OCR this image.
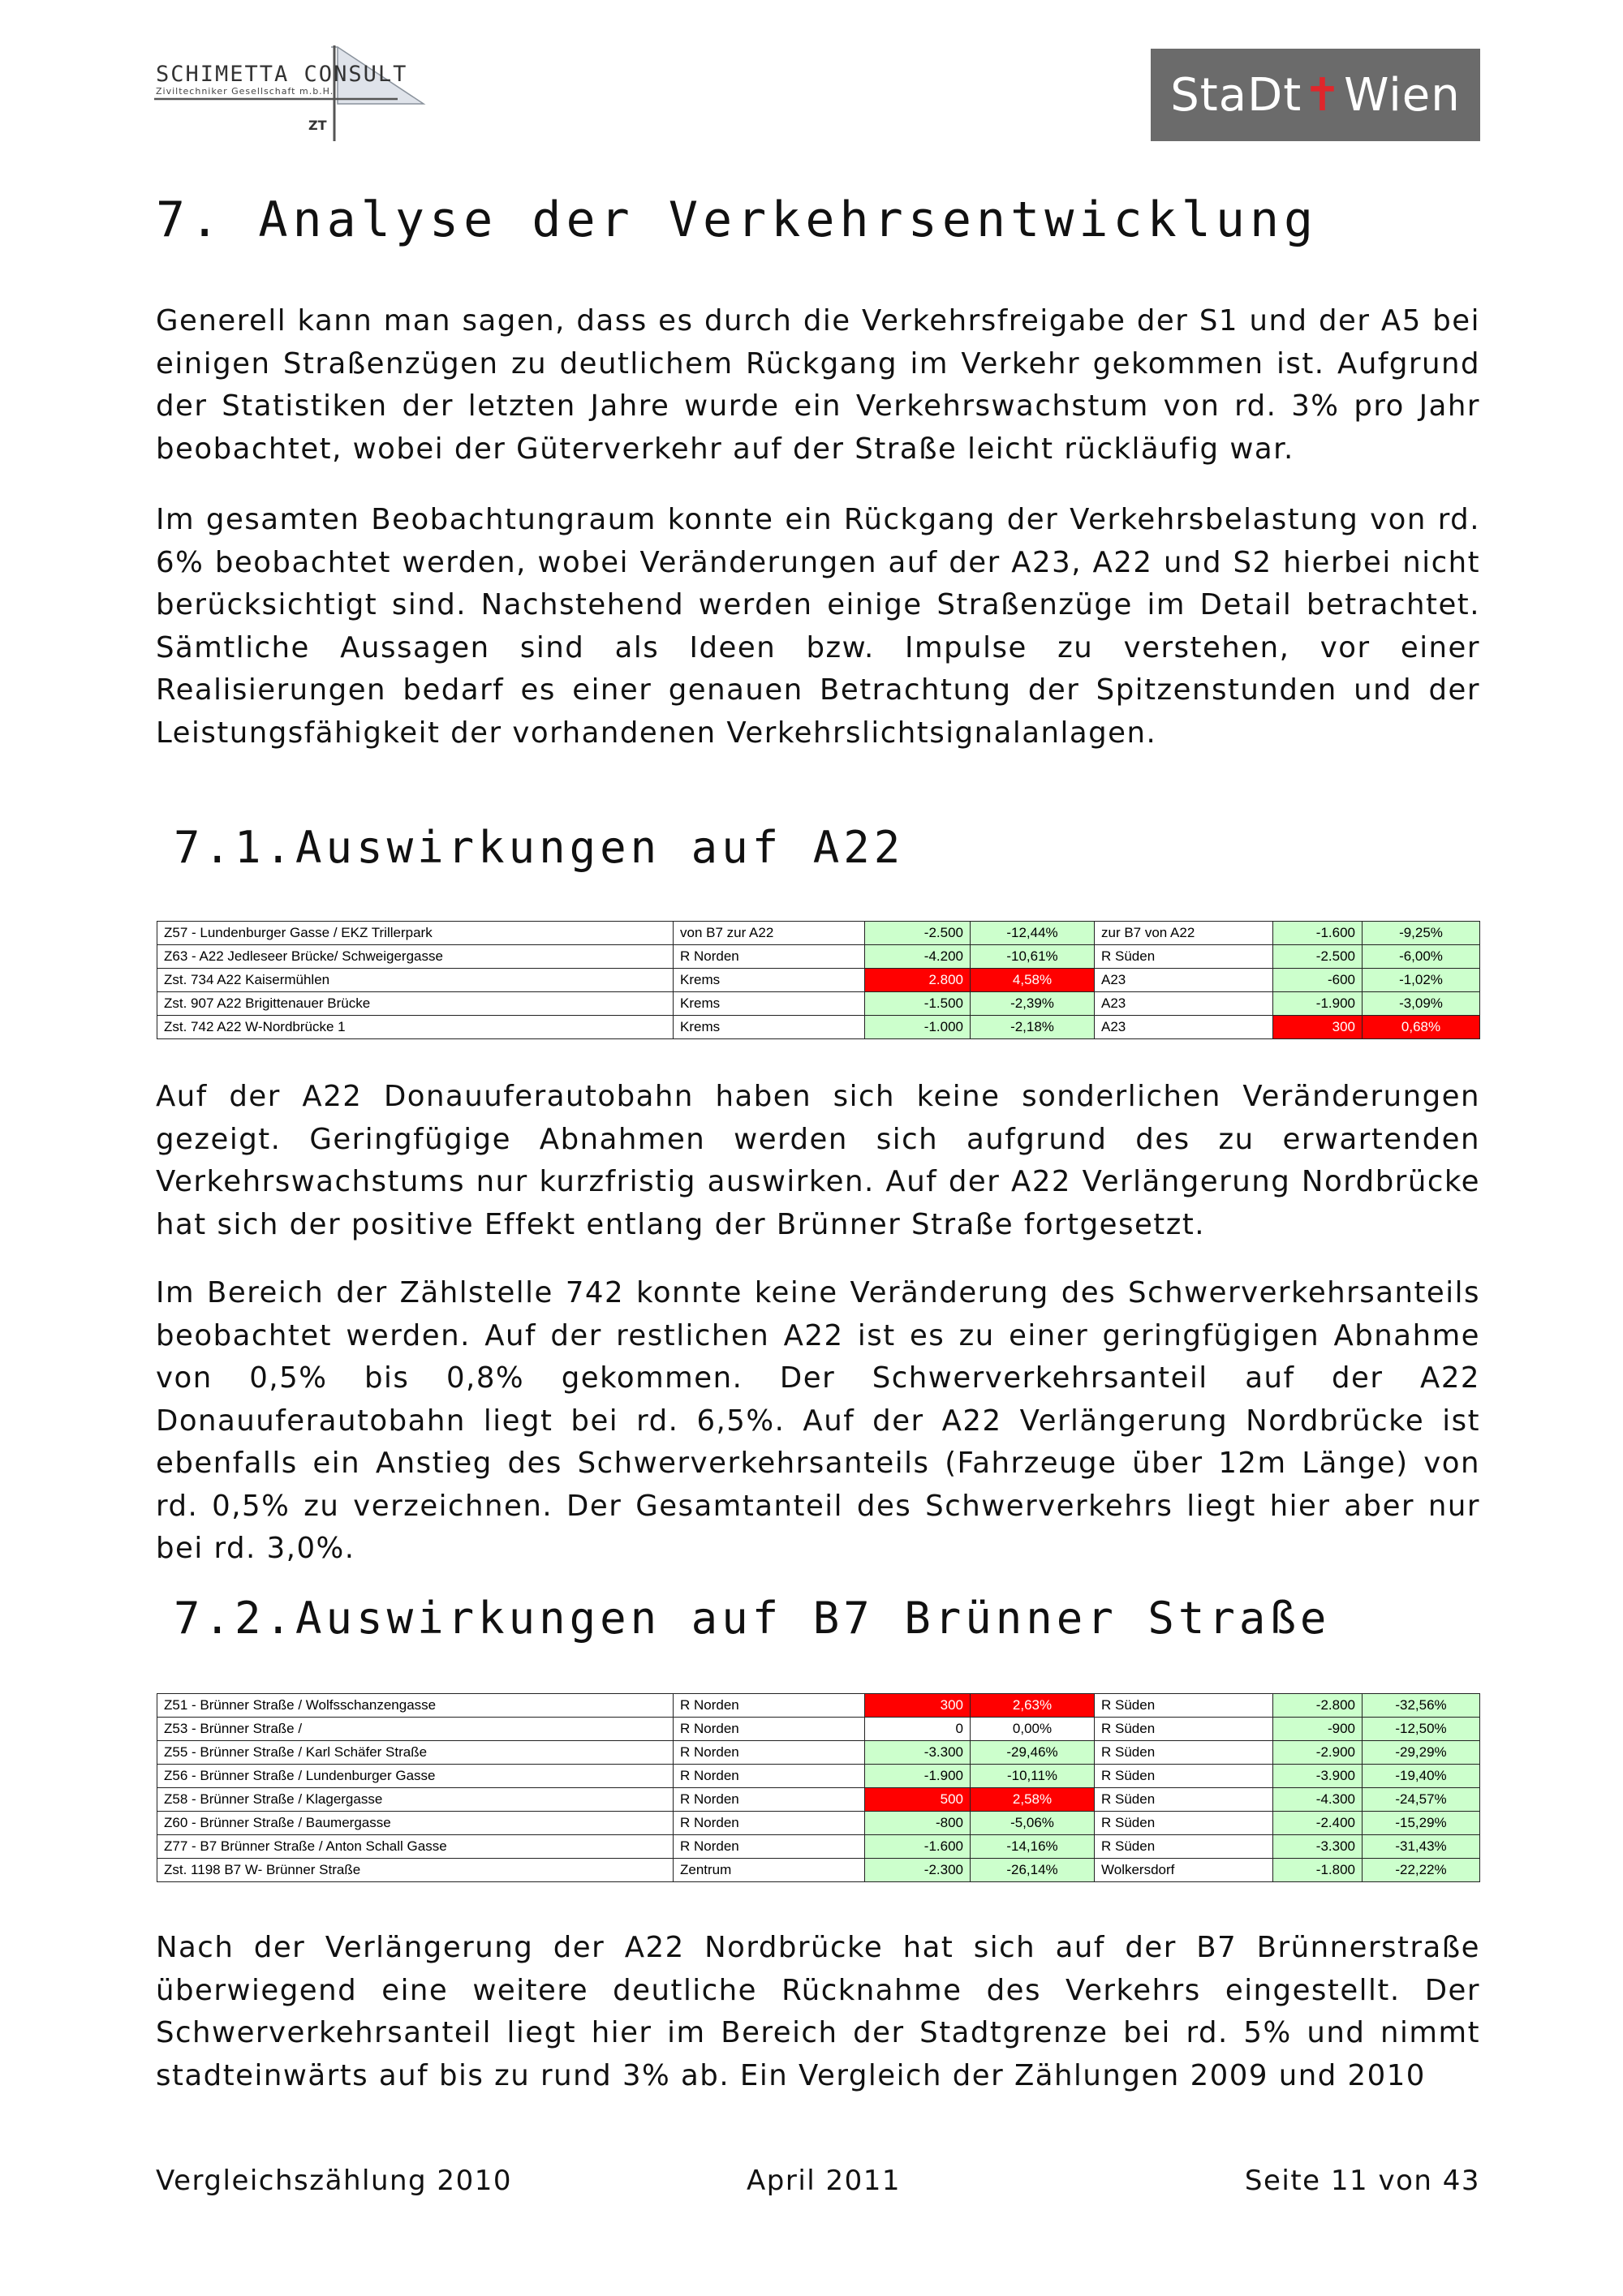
SCHIMETTA CONSULT
Ziviltechniker Gesellschaft m.b.H.
ZT
StaDt ✝ Wien
7. Analyse der Verkehrsentwicklung

Generell kann man sagen, dass es durch die Verkehrsfreigabe der S1 und der A5 bei einigen Straßenzügen zu deutlichem Rückgang im Verkehr gekommen ist. Aufgrund der Statistiken der letzten Jahre wurde ein Verkehrswachstum von rd. 3% pro Jahr beobachtet, wobei der Güterverkehr auf der Straße leicht rückläufig war.

Im gesamten Beobachtungraum konnte ein Rückgang der Verkehrsbelastung von rd. 6% beobachtet werden, wobei Veränderungen auf der A23, A22 und S2 hierbei nicht berücksichtigt sind. Nachstehend werden einige Straßenzüge im Detail betrachtet. Sämtliche Aussagen sind als Ideen bzw. Impulse zu verstehen, vor einer Realisierungen bedarf es einer genauen Betrachtung der Spitzenstunden und der Leistungsfähigkeit der vorhandenen Verkehrslichtsignalanlagen.

7.1.Auswirkungen auf A22
Z57 - Lundenburger Gasse / EKZ Trillerpark	von B7 zur A22	-2.500	-12,44%	zur B7 von A22	-1.600	-9,25%
Z63 - A22 Jedleseer Brücke/ Schweigergasse	R Norden	-4.200	-10,61%	R Süden	-2.500	-6,00%
Zst. 734 A22 Kaisermühlen	Krems	2.800	4,58%	A23	-600	-1,02%
Zst. 907 A22 Brigittenauer Brücke	Krems	-1.500	-2,39%	A23	-1.900	-3,09%
Zst. 742 A22 W-Nordbrücke 1	Krems	-1.000	-2,18%	A23	300	0,68%

Auf der A22 Donauuferautobahn haben sich keine sonderlichen Veränderungen gezeigt. Geringfügige Abnahmen werden sich aufgrund des zu erwartenden Verkehrswachstums nur kurzfristig auswirken. Auf der A22 Verlängerung Nordbrücke hat sich der positive Effekt entlang der Brünner Straße fortgesetzt.

Im Bereich der Zählstelle 742 konnte keine Veränderung des Schwerverkehrsanteils beobachtet werden. Auf der restlichen A22 ist es zu einer geringfügigen Abnahme von 0,5% bis 0,8% gekommen. Der Schwerverkehrsanteil auf der A22 Donauuferautobahn liegt bei rd. 6,5%. Auf der A22 Verlängerung Nordbrücke ist ebenfalls ein Anstieg des Schwerverkehrsanteils (Fahrzeuge über 12m Länge) von rd. 0,5% zu verzeichnen. Der Gesamtanteil des Schwerverkehrs liegt hier aber nur bei rd. 3,0%.

7.2.Auswirkungen auf B7 Brünner Straße
Z51 - Brünner Straße / Wolfsschanzengasse	R Norden	300	2,63%	R Süden	-2.800	-32,56%
Z53 - Brünner Straße /	R Norden	0	0,00%	R Süden	-900	-12,50%
Z55 - Brünner Straße / Karl Schäfer Straße	R Norden	-3.300	-29,46%	R Süden	-2.900	-29,29%
Z56 - Brünner Straße / Lundenburger Gasse	R Norden	-1.900	-10,11%	R Süden	-3.900	-19,40%
Z58 - Brünner Straße / Klagergasse	R Norden	500	2,58%	R Süden	-4.300	-24,57%
Z60 - Brünner Straße / Baumergasse	R Norden	-800	-5,06%	R Süden	-2.400	-15,29%
Z77 - B7 Brünner Straße / Anton Schall Gasse	R Norden	-1.600	-14,16%	R Süden	-3.300	-31,43%
Zst. 1198 B7 W- Brünner Straße	Zentrum	-2.300	-26,14%	Wolkersdorf	-1.800	-22,22%

Nach der Verlängerung der A22 Nordbrücke hat sich auf der B7 Brünnerstraße überwiegend eine weitere deutliche Rücknahme des Verkehrs eingestellt. Der Schwerverkehrsanteil liegt hier im Bereich der Stadtgrenze bei rd. 5% und nimmt stadteinwärts auf bis zu rund 3% ab. Ein Vergleich der Zählungen 2009 und 2010

Vergleichszählung 2010	April 2011	Seite 11 von 43
